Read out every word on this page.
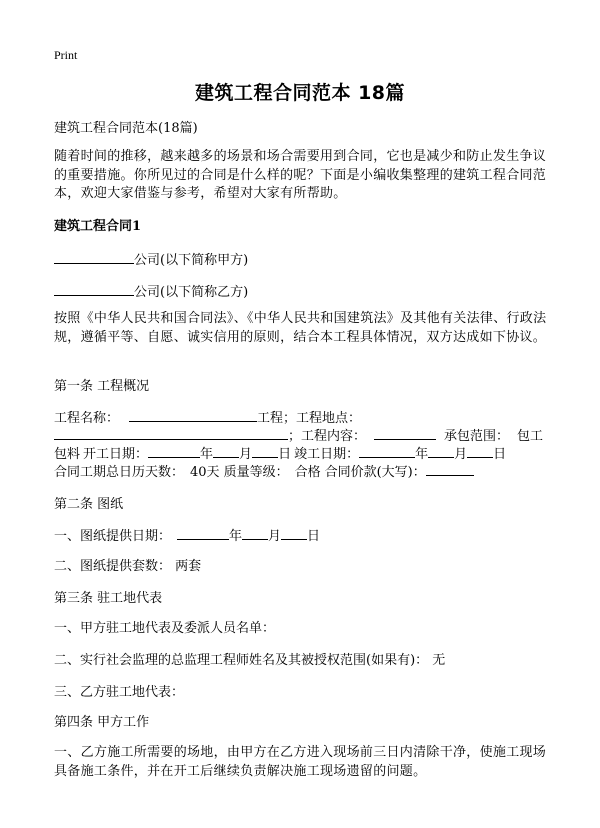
Print
建筑工程合同范本 18篇
建筑工程合同范本(18篇)
随着时间的推移，越来越多的场景和场合需要用到合同，它也是减少和防止发生争议的重要措施。你所见过的合同是什么样的呢？下面是小编收集整理的建筑工程合同范本，欢迎大家借鉴与参考，希望对大家有所帮助。
建筑工程合同1
公司(以下简称甲方)
公司(以下简称乙方)
按照《中华人民共和国合同法》、《中华人民共和国建筑法》及其他有关法律、行政法规，遵循平等、自愿、诚实信用的原则，结合本工程具体情况，双方达成如下协议。
第一条 工程概况
工程名称：	工程；工程地点：
；工程内容：	承包范围： 包工
包料 开工日期：	年 月 日 竣工日期：	年 月 日
合同工期总日历天数： 40天 质量等级： 合格 合同价款(大写)：
第二条 图纸
一、图纸提供日期：	年 月 日
二、图纸提供套数： 两套
第三条 驻工地代表
一、甲方驻工地代表及委派人员名单：
二、实行社会监理的总监理工程师姓名及其被授权范围(如果有)： 无
三、乙方驻工地代表：
第四条 甲方工作
一、乙方施工所需要的场地，由甲方在乙方进入现场前三日内清除干净，使施工现场具备施工条件，并在开工后继续负责解决施工现场遗留的问题。
